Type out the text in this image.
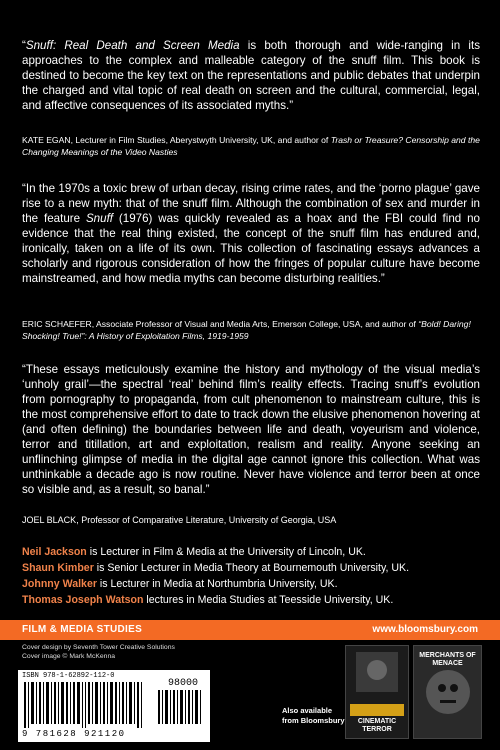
“Snuff: Real Death and Screen Media is both thorough and wide-ranging in its approaches to the complex and malleable category of the snuff film. This book is destined to become the key text on the representations and public debates that underpin the charged and vital topic of real death on screen and the cultural, commercial, legal, and affective consequences of its associated myths.”
KATE EGAN, Lecturer in Film Studies, Aberystwyth University, UK, and author of Trash or Treasure? Censorship and the Changing Meanings of the Video Nasties
“In the 1970s a toxic brew of urban decay, rising crime rates, and the ‘porno plague’ gave rise to a new myth: that of the snuff film. Although the combination of sex and murder in the feature Snuff (1976) was quickly revealed as a hoax and the FBI could find no evidence that the real thing existed, the concept of the snuff film has endured and, ironically, taken on a life of its own. This collection of fascinating essays advances a scholarly and rigorous consideration of how the fringes of popular culture have become mainstreamed, and how media myths can become disturbing realities.”
ERIC SCHAEFER, Associate Professor of Visual and Media Arts, Emerson College, USA, and author of “Bold! Daring! Shocking! True!”: A History of Exploitation Films, 1919-1959
“These essays meticulously examine the history and mythology of the visual media’s ‘unholy grail’—the spectral ‘real’ behind film’s reality effects. Tracing snuff’s evolution from pornography to propaganda, from cult phenomenon to mainstream culture, this is the most comprehensive effort to date to track down the elusive phenomenon hovering at (and often defining) the boundaries between life and death, voyeurism and violence, terror and titillation, art and exploitation, realism and reality. Anyone seeking an unflinching glimpse of media in the digital age cannot ignore this collection. What was unthinkable a decade ago is now routine. Never have violence and terror been at once so visible and, as a result, so banal.”
JOEL BLACK, Professor of Comparative Literature, University of Georgia, USA
Neil Jackson is Lecturer in Film & Media at the University of Lincoln, UK.
Shaun Kimber is Senior Lecturer in Media Theory at Bournemouth University, UK.
Johnny Walker is Lecturer in Media at Northumbria University, UK.
Thomas Joseph Watson lectures in Media Studies at Teesside University, UK.
FILM & MEDIA STUDIES	www.bloomsbury.com
Cover design by Seventh Tower Creative Solutions
Cover image © Mark McKenna
ISBN 978-1-62892-112-0
98000
9 781628 921120
Also available
from Bloomsbury	CINEMATIC TERROR
MERCHANTS OF MENACE
